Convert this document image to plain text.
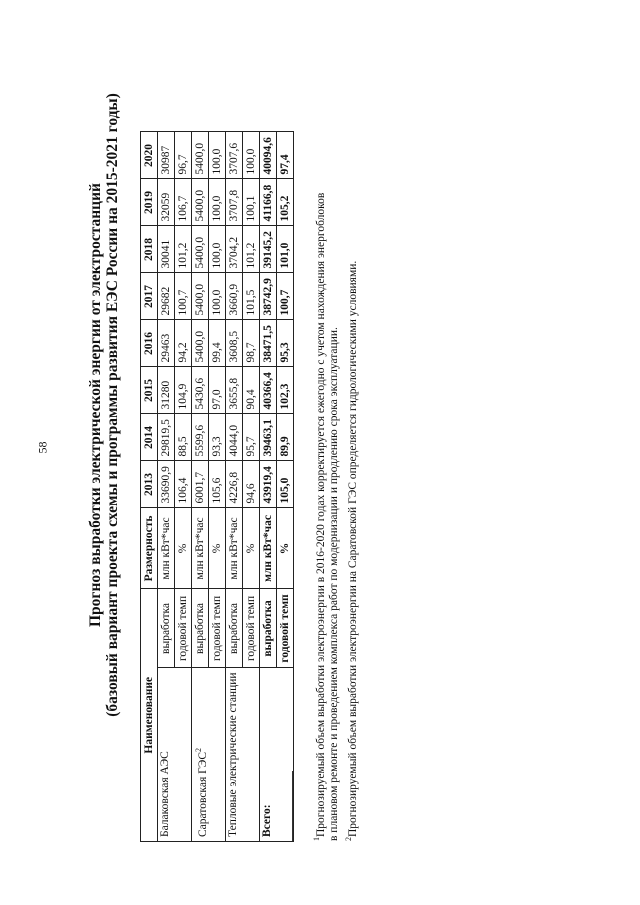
58 Прогноз выработки электрической энергии от электростанций (базовый вариант проекта схемы и программы развития ЕЭС России на 2015-2021 годы) Наименование		Размерность	2013	2014	2015	2016	2017	2018	2019	2020
Балаковская АЭС	выработка	млн кВт*час	33690,9	29819,5	31280	29463	29682	30041	32059	30987
	годовой темп	%	106,4	88,5	104,9	94,2	100,7	101,2	106,7	96,7
Саратовская ГЭС$^2$	выработка	млн кВт*час	6001,7	5599,6	5430,6	5400,0	5400,0	5400,0	5400,0	5400,0
	годовой темп	%	105,6	93,3	97,0	99,4	100,0	100,0	100,0	100,0
Тепловые электрические станции	выработка	млн кВт*час	4226,8	4044,0	3655,8	3608,5	3660,9	3704,2	3707,8	3707,6
	годовой темп	%	94,6	95,7	90,4	98,7	101,5	101,2	100,1	100,0
Всего:	выработка	млн кВт*час	43919,4	39463,1	40366,4	38471,5	38742,9	39145,2	41166,8	40094,6
	годовой темп	%	105,0	89,9	102,3	95,3	100,7	101,0	105,2	97,4

$^1$Прогнозируемый объем выработки электроэнергии в 2016-2020 годах корректируется ежегодно с учетом нахождения энергоблоков в плановом ремонте и проведением комплекса работ по модернизации и продлению срока эксплуатации. $^2$Прогнозируемый объем выработки электроэнергии на Саратовской ГЭС определяется гидрологическими условиями.
